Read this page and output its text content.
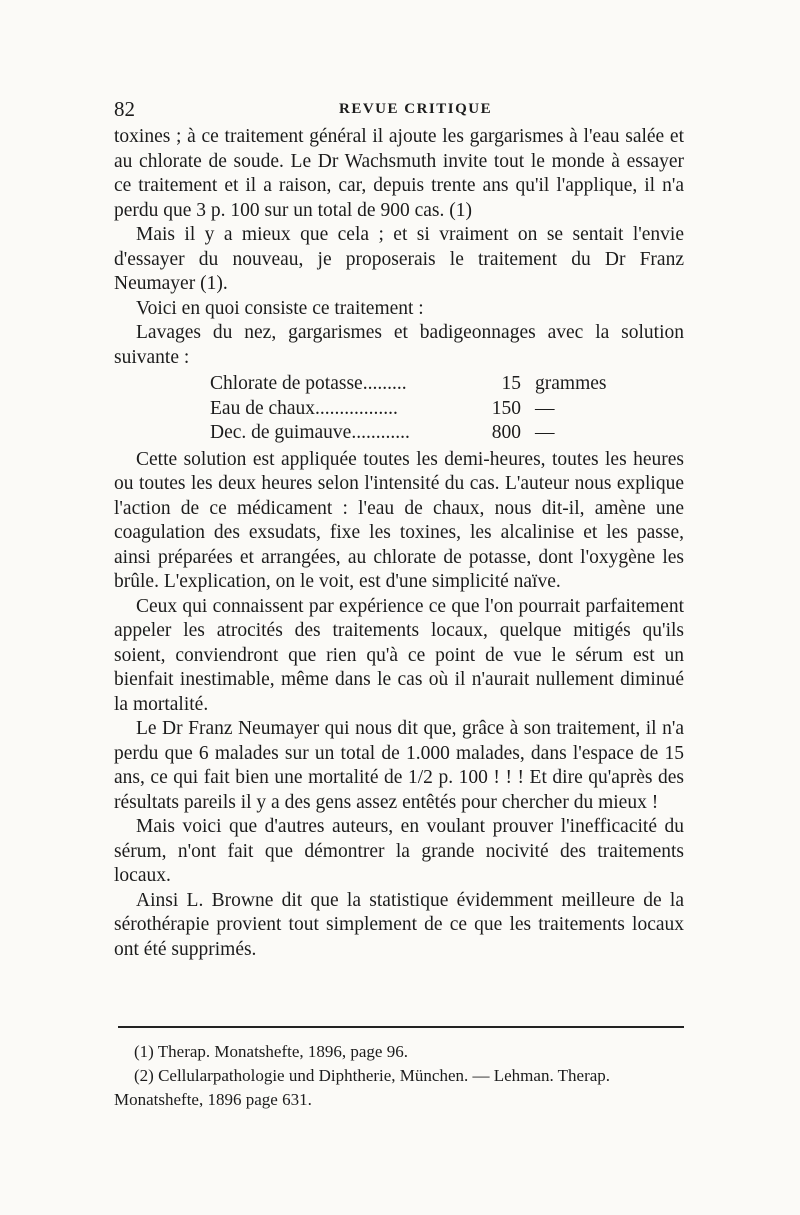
82	REVUE CRITIQUE

toxines ; à ce traitement général il ajoute les gargarismes à l'eau salée et au chlorate de soude. Le Dr Wachsmuth invite tout le monde à essayer ce traitement et il a raison, car, depuis trente ans qu'il l'applique, il n'a perdu que 3 p. 100 sur un total de 900 cas. (1)

Mais il y a mieux que cela ; et si vraiment on se sentait l'envie d'essayer du nouveau, je proposerais le traitement du Dr Franz Neumayer (1).

Voici en quoi consiste ce traitement :

Lavages du nez, gargarismes et badigeonnages avec la solution suivante :

Chlorate de potasse.........	15 grammes
Eau de chaux.................	150 —
Dec. de guimauve............	800 —

Cette solution est appliquée toutes les demi-heures, toutes les heures ou toutes les deux heures selon l'intensité du cas. L'auteur nous explique l'action de ce médicament : l'eau de chaux, nous dit-il, amène une coagulation des exsudats, fixe les toxines, les alcalinise et les passe, ainsi préparées et arrangées, au chlorate de potasse, dont l'oxygène les brûle. L'explication, on le voit, est d'une simplicité naïve.

Ceux qui connaissent par expérience ce que l'on pourrait parfaitement appeler les atrocités des traitements locaux, quelque mitigés qu'ils soient, conviendront que rien qu'à ce point de vue le sérum est un bienfait inestimable, même dans le cas où il n'aurait nullement diminué la mortalité.

Le Dr Franz Neumayer qui nous dit que, grâce à son traitement, il n'a perdu que 6 malades sur un total de 1.000 malades, dans l'espace de 15 ans, ce qui fait bien une mortalité de 1/2 p. 100 ! ! ! Et dire qu'après des résultats pareils il y a des gens assez entêtés pour chercher du mieux !

Mais voici que d'autres auteurs, en voulant prouver l'inefficacité du sérum, n'ont fait que démontrer la grande nocivité des traitements locaux.

Ainsi L. Browne dit que la statistique évidemment meilleure de la sérothérapie provient tout simplement de ce que les traitements locaux ont été supprimés.

(1) Therap. Monatshefte, 1896, page 96.

(2) Cellularpathologie und Diphtherie, München. — Lehman. Therap. Monatshefte, 1896 page 631.
